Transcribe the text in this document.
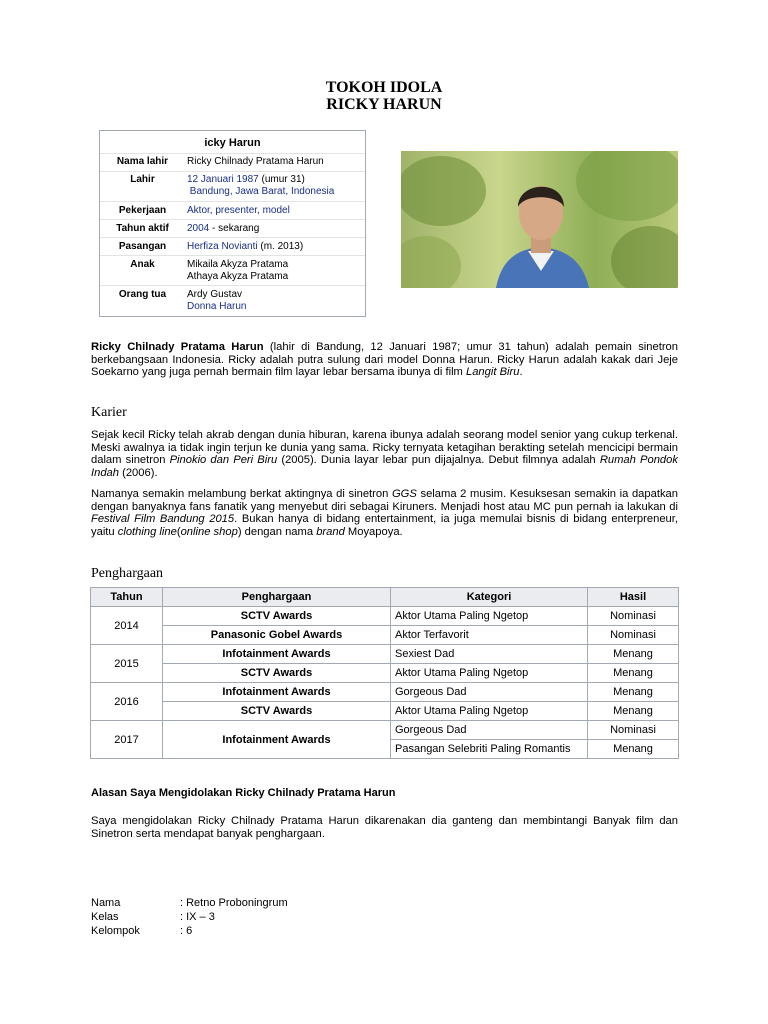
TOKOH IDOLA
RICKY HARUN
icky Harun
Nama lahir	Ricky Chilnady Pratama Harun
Lahir	12 Januari 1987 (umur 31)
Bandung, Jawa Barat, Indonesia
Pekerjaan	Aktor, presenter, model
Tahun aktif	2004 - sekarang
Pasangan	Herfiza Novianti (m. 2013)
Anak	Mikaila Akyza Pratama
Athaya Akyza Pratama
Orang tua	Ardy Gustav
Donna Harun
Ricky Chilnady Pratama Harun (lahir di Bandung, 12 Januari 1987; umur 31 tahun) adalah pemain sinetron berkebangsaan Indonesia. Ricky adalah putra sulung dari model Donna Harun. Ricky Harun adalah kakak dari Jeje Soekarno yang juga pernah bermain film layar lebar bersama ibunya di film Langit Biru.
Karier
Sejak kecil Ricky telah akrab dengan dunia hiburan, karena ibunya adalah seorang model senior yang cukup terkenal. Meski awalnya ia tidak ingin terjun ke dunia yang sama. Ricky ternyata ketagihan berakting setelah mencicipi bermain dalam sinetron Pinokio dan Peri Biru (2005). Dunia layar lebar pun dijajalnya. Debut filmnya adalah Rumah Pondok Indah (2006).
Namanya semakin melambung berkat aktingnya di sinetron GGS selama 2 musim. Kesuksesan semakin ia dapatkan dengan banyaknya fans fanatik yang menyebut diri sebagai Kiruners. Menjadi host atau MC pun pernah ia lakukan di Festival Film Bandung 2015. Bukan hanya di bidang entertainment, ia juga memulai bisnis di bidang enterpreneur, yaitu clothing line(online shop) dengan nama brand Moyapoya.
Penghargaan
Tahun	Penghargaan	Kategori	Hasil
2014	SCTV Awards	Aktor Utama Paling Ngetop	Nominasi
	Panasonic Gobel Awards	Aktor Terfavorit	Nominasi
2015	Infotainment Awards	Sexiest Dad	Menang
	SCTV Awards	Aktor Utama Paling Ngetop	Menang
2016	Infotainment Awards	Gorgeous Dad	Menang
	SCTV Awards	Aktor Utama Paling Ngetop	Menang
2017	Infotainment Awards	Gorgeous Dad	Nominasi
		Pasangan Selebriti Paling Romantis	Menang
Alasan Saya Mengidolakan Ricky Chilnady Pratama Harun
Saya mengidolakan Ricky Chilnady Pratama Harun dikarenakan dia ganteng dan membintangi Banyak film dan Sinetron serta mendapat banyak penghargaan.
Nama	: Retno Proboningrum
Kelas	: IX – 3
Kelompok	: 6
